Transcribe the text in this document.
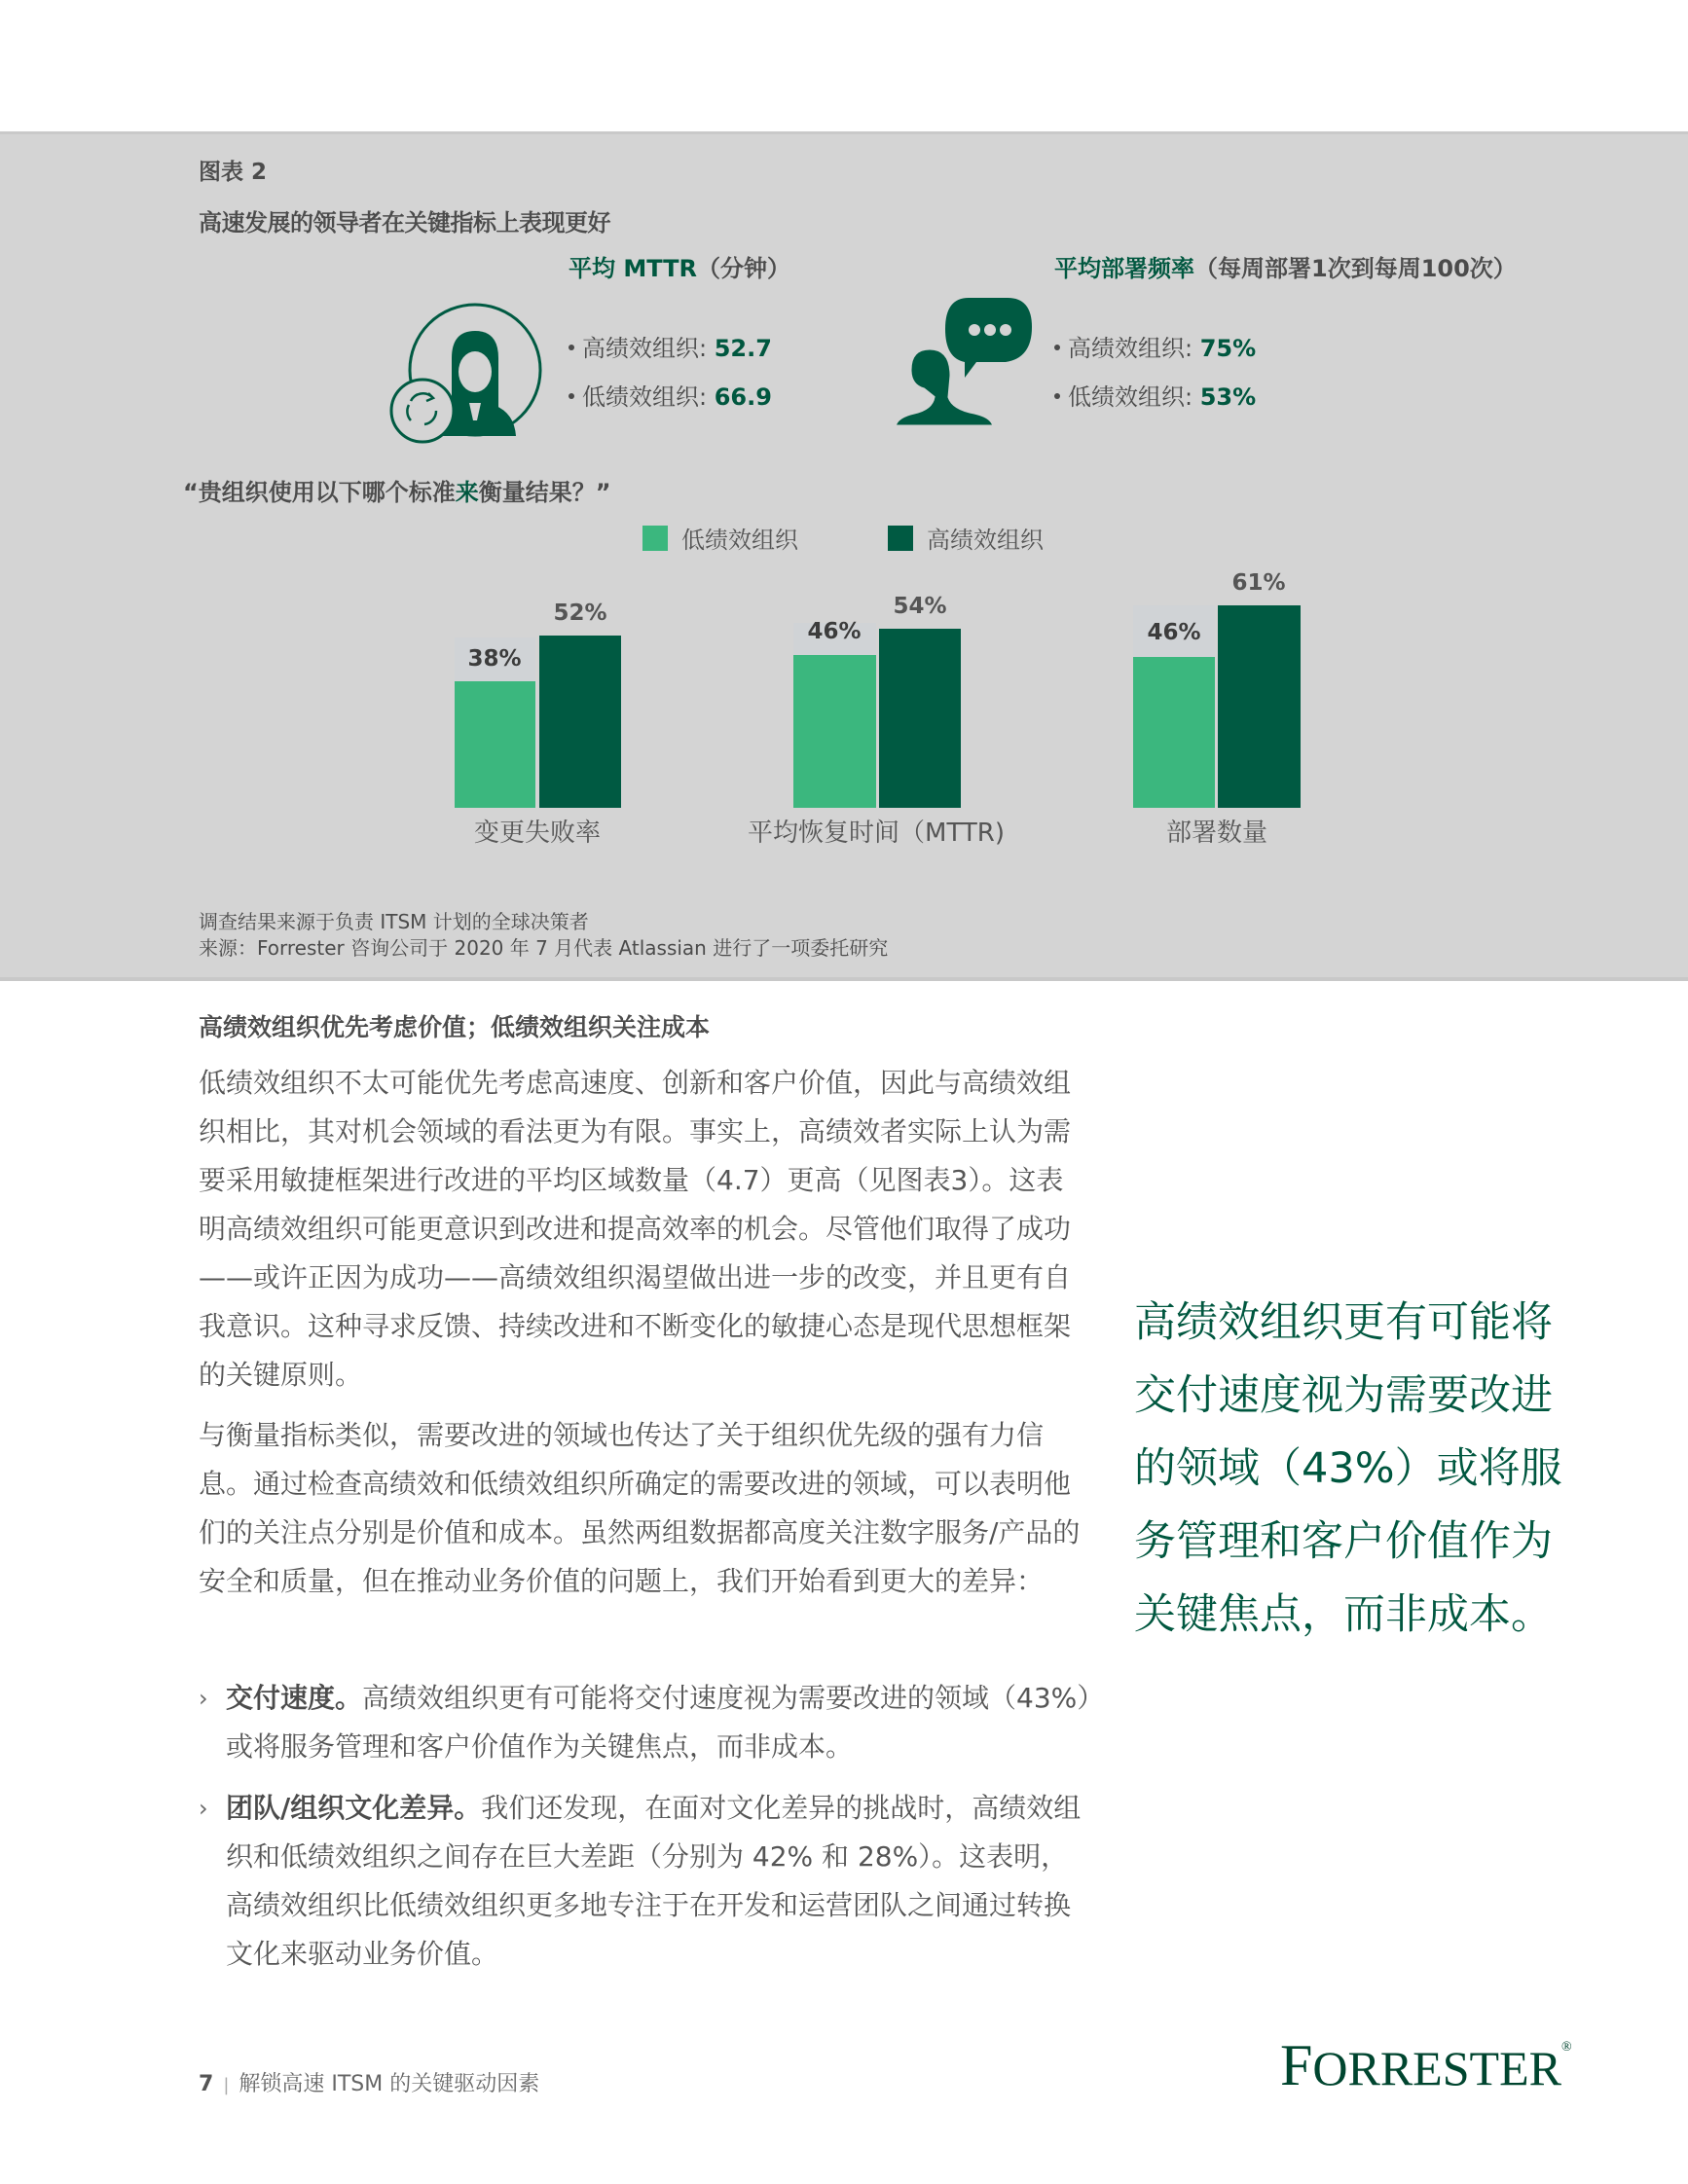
图表 2
高速发展的领导者在关键指标上表现更好
平均 MTTR（分钟）
高绩效组织: 52.7
低绩效组织: 66.9
平均部署频率（每周部署1次到每周100次）
高绩效组织: 75%
低绩效组织: 53%
“贵组织使用以下哪个标准来衡量结果？”
低绩效组织	高绩效组织
38%
52%
变更失败率
46%
54%
平均恢复时间（MTTR)
46%
61%
部署数量
调查结果来源于负责 ITSM 计划的全球决策者
来源：Forrester 咨询公司于 2020 年 7 月代表 Atlassian 进行了一项委托研究
高绩效组织优先考虑价值；低绩效组织关注成本

低绩效组织不太可能优先考虑高速度、创新和客户价值，因此与高绩效组织相比，其对机会领域的看法更为有限。事实上，高绩效者实际上认为需要采用敏捷框架进行改进的平均区域数量（4.7）更高（见图表3）。这表明高绩效组织可能更意识到改进和提高效率的机会。尽管他们取得了成功——或许正因为成功——高绩效组织渴望做出进一步的改变，并且更有自我意识。这种寻求反馈、持续改进和不断变化的敏捷心态是现代思想框架的关键原则。

与衡量指标类似，需要改进的领域也传达了关于组织优先级的强有力信息。通过检查高绩效和低绩效组织所确定的需要改进的领域，可以表明他们的关注点分别是价值和成本。虽然两组数据都高度关注数字服务/产品的安全和质量，但在推动业务价值的问题上，我们开始看到更大的差异：

› 交付速度。高绩效组织更有可能将交付速度视为需要改进的领域（43%）或将服务管理和客户价值作为关键焦点，而非成本。
› 团队/组织文化差异。我们还发现，在面对文化差异的挑战时，高绩效组织和低绩效组织之间存在巨大差距（分别为 42% 和 28%）。这表明，高绩效组织比低绩效组织更多地专注于在开发和运营团队之间通过转换文化来驱动业务价值。
高绩效组织更有可能将交付速度视为需要改进的领域（43%）或将服务管理和客户价值作为关键焦点，而非成本。
7 | 解锁高速 ITSM 的关键驱动因素	FORRESTER®
